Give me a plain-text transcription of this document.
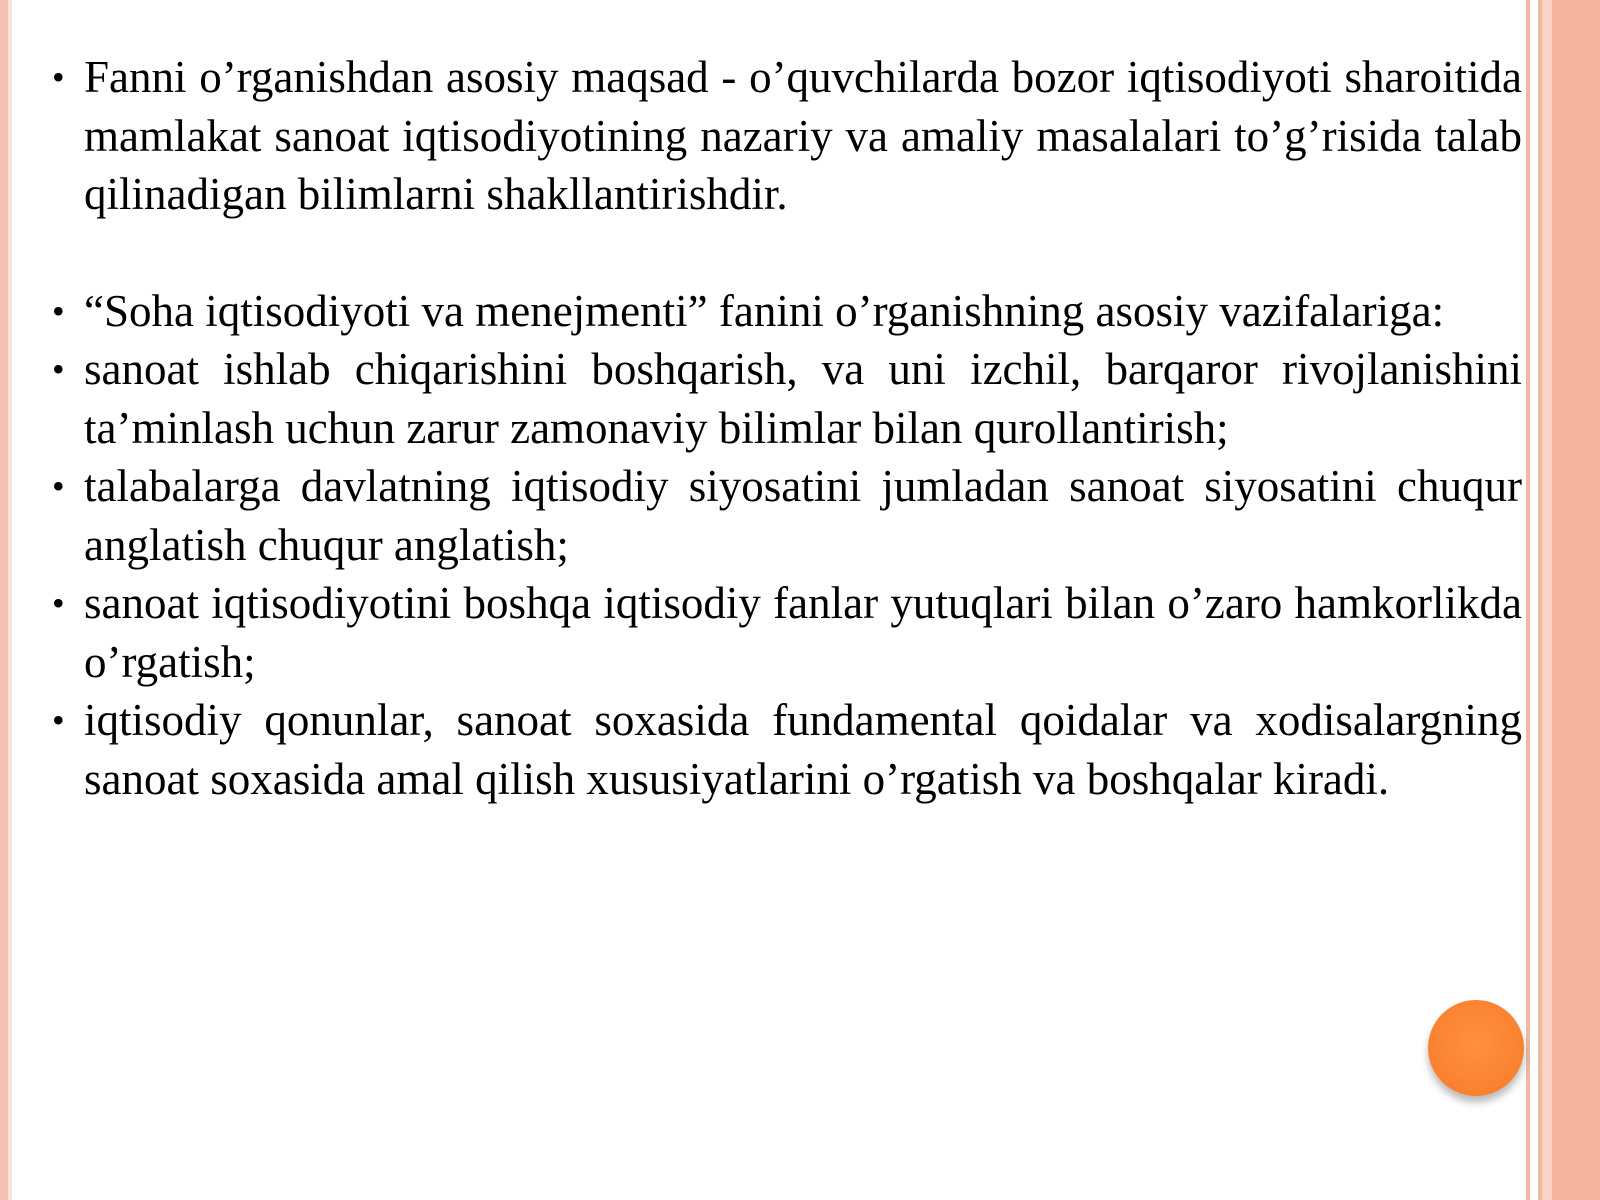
• Fanni o’rganishdan asosiy maqsad - o’quvchilarda bozor iqtisodiyoti sharoitida mamlakat sanoat iqtisodiyotining nazariy va amaliy masalalari to’g’risida talab qilinadigan bilimlarni shakllantirishdir.
• “Soha iqtisodiyoti va menejmenti” fanini o’rganishning asosiy vazifalariga:
• sanoat ishlab chiqarishini boshqarish, va uni izchil, barqaror rivojlanishini ta’minlash uchun zarur zamonaviy bilimlar bilan qurollantirish;
• talabalarga davlatning iqtisodiy siyosatini jumladan sanoat siyosatini chuqur anglatish chuqur anglatish;
• sanoat iqtisodiyotini boshqa iqtisodiy fanlar yutuqlari bilan o’zaro hamkorlikda o’rgatish;
• iqtisodiy qonunlar, sanoat soxasida fundamental qoidalar va xodisalargning sanoat soxasida amal qilish xususiyatlarini o’rgatish va boshqalar kiradi.
